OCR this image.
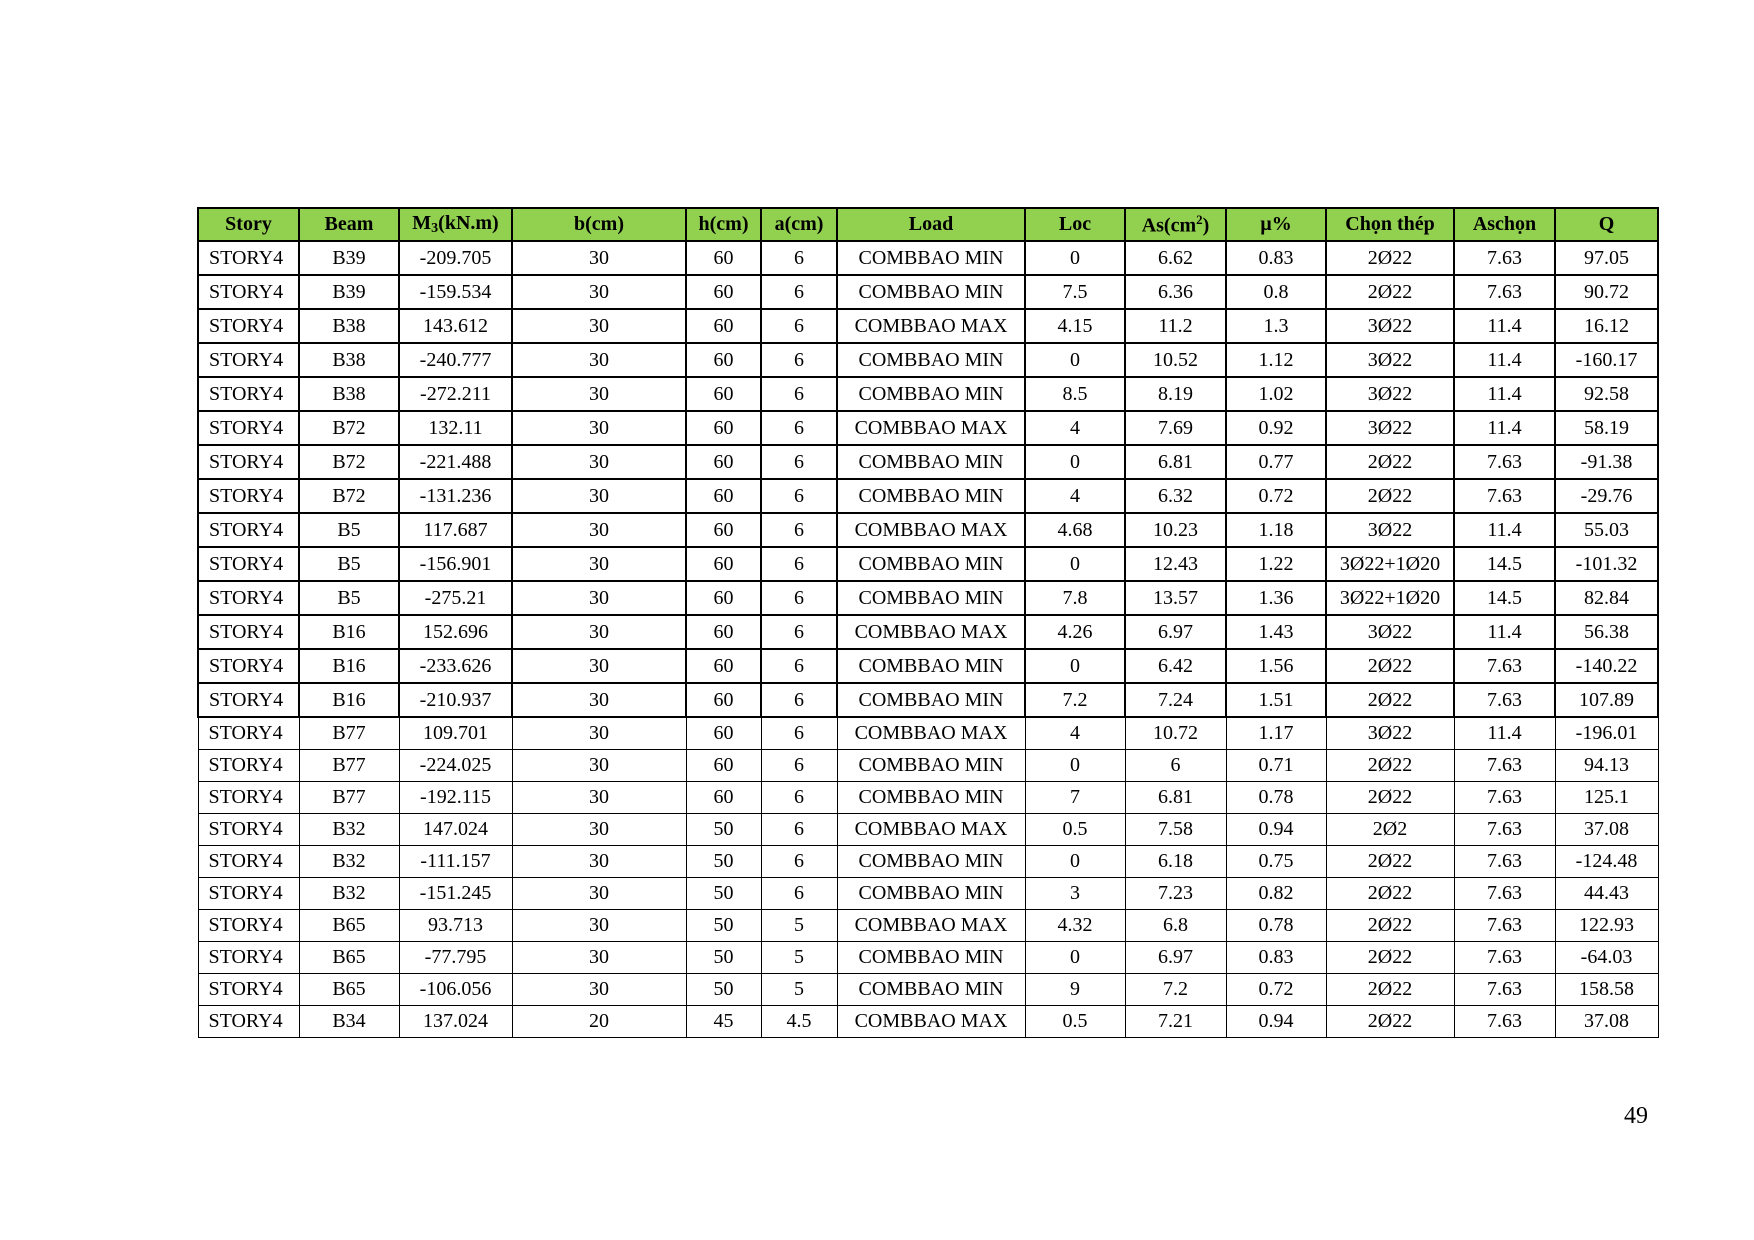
Story	Beam	M3(kN.m)	b(cm)	h(cm)	a(cm)	Load	Loc	$As(cm^2)$	µ%	Chọn thép	Aschọn	Q
STORY4	B39	-209.705	30	60	6	COMBBAO MIN	0	6.62	0.83	2Ø22	7.63	97.05
STORY4	B39	-159.534	30	60	6	COMBBAO MIN	7.5	6.36	0.8	2Ø22	7.63	90.72
STORY4	B38	143.612	30	60	6	COMBBAO MAX	4.15	11.2	1.3	3Ø22	11.4	16.12
STORY4	B38	-240.777	30	60	6	COMBBAO MIN	0	10.52	1.12	3Ø22	11.4	-160.17
STORY4	B38	-272.211	30	60	6	COMBBAO MIN	8.5	8.19	1.02	3Ø22	11.4	92.58
STORY4	B72	132.11	30	60	6	COMBBAO MAX	4	7.69	0.92	3Ø22	11.4	58.19
STORY4	B72	-221.488	30	60	6	COMBBAO MIN	0	6.81	0.77	2Ø22	7.63	-91.38
STORY4	B72	-131.236	30	60	6	COMBBAO MIN	4	6.32	0.72	2Ø22	7.63	-29.76
STORY4	B5	117.687	30	60	6	COMBBAO MAX	4.68	10.23	1.18	3Ø22	11.4	55.03
STORY4	B5	-156.901	30	60	6	COMBBAO MIN	0	12.43	1.22	3Ø22+1Ø20	14.5	-101.32
STORY4	B5	-275.21	30	60	6	COMBBAO MIN	7.8	13.57	1.36	3Ø22+1Ø20	14.5	82.84
STORY4	B16	152.696	30	60	6	COMBBAO MAX	4.26	6.97	1.43	3Ø22	11.4	56.38
STORY4	B16	-233.626	30	60	6	COMBBAO MIN	0	6.42	1.56	2Ø22	7.63	-140.22
STORY4	B16	-210.937	30	60	6	COMBBAO MIN	7.2	7.24	1.51	2Ø22	7.63	107.89
STORY4	B77	109.701	30	60	6	COMBBAO MAX	4	10.72	1.17	3Ø22	11.4	-196.01
STORY4	B77	-224.025	30	60	6	COMBBAO MIN	0	6	0.71	2Ø22	7.63	94.13
STORY4	B77	-192.115	30	60	6	COMBBAO MIN	7	6.81	0.78	2Ø22	7.63	125.1
STORY4	B32	147.024	30	50	6	COMBBAO MAX	0.5	7.58	0.94	2Ø2	7.63	37.08
STORY4	B32	-111.157	30	50	6	COMBBAO MIN	0	6.18	0.75	2Ø22	7.63	-124.48
STORY4	B32	-151.245	30	50	6	COMBBAO MIN	3	7.23	0.82	2Ø22	7.63	44.43
STORY4	B65	93.713	30	50	5	COMBBAO MAX	4.32	6.8	0.78	2Ø22	7.63	122.93
STORY4	B65	-77.795	30	50	5	COMBBAO MIN	0	6.97	0.83	2Ø22	7.63	-64.03
STORY4	B65	-106.056	30	50	5	COMBBAO MIN	9	7.2	0.72	2Ø22	7.63	158.58
STORY4	B34	137.024	20	45	4.5	COMBBAO MAX	0.5	7.21	0.94	2Ø22	7.63	37.08
49
